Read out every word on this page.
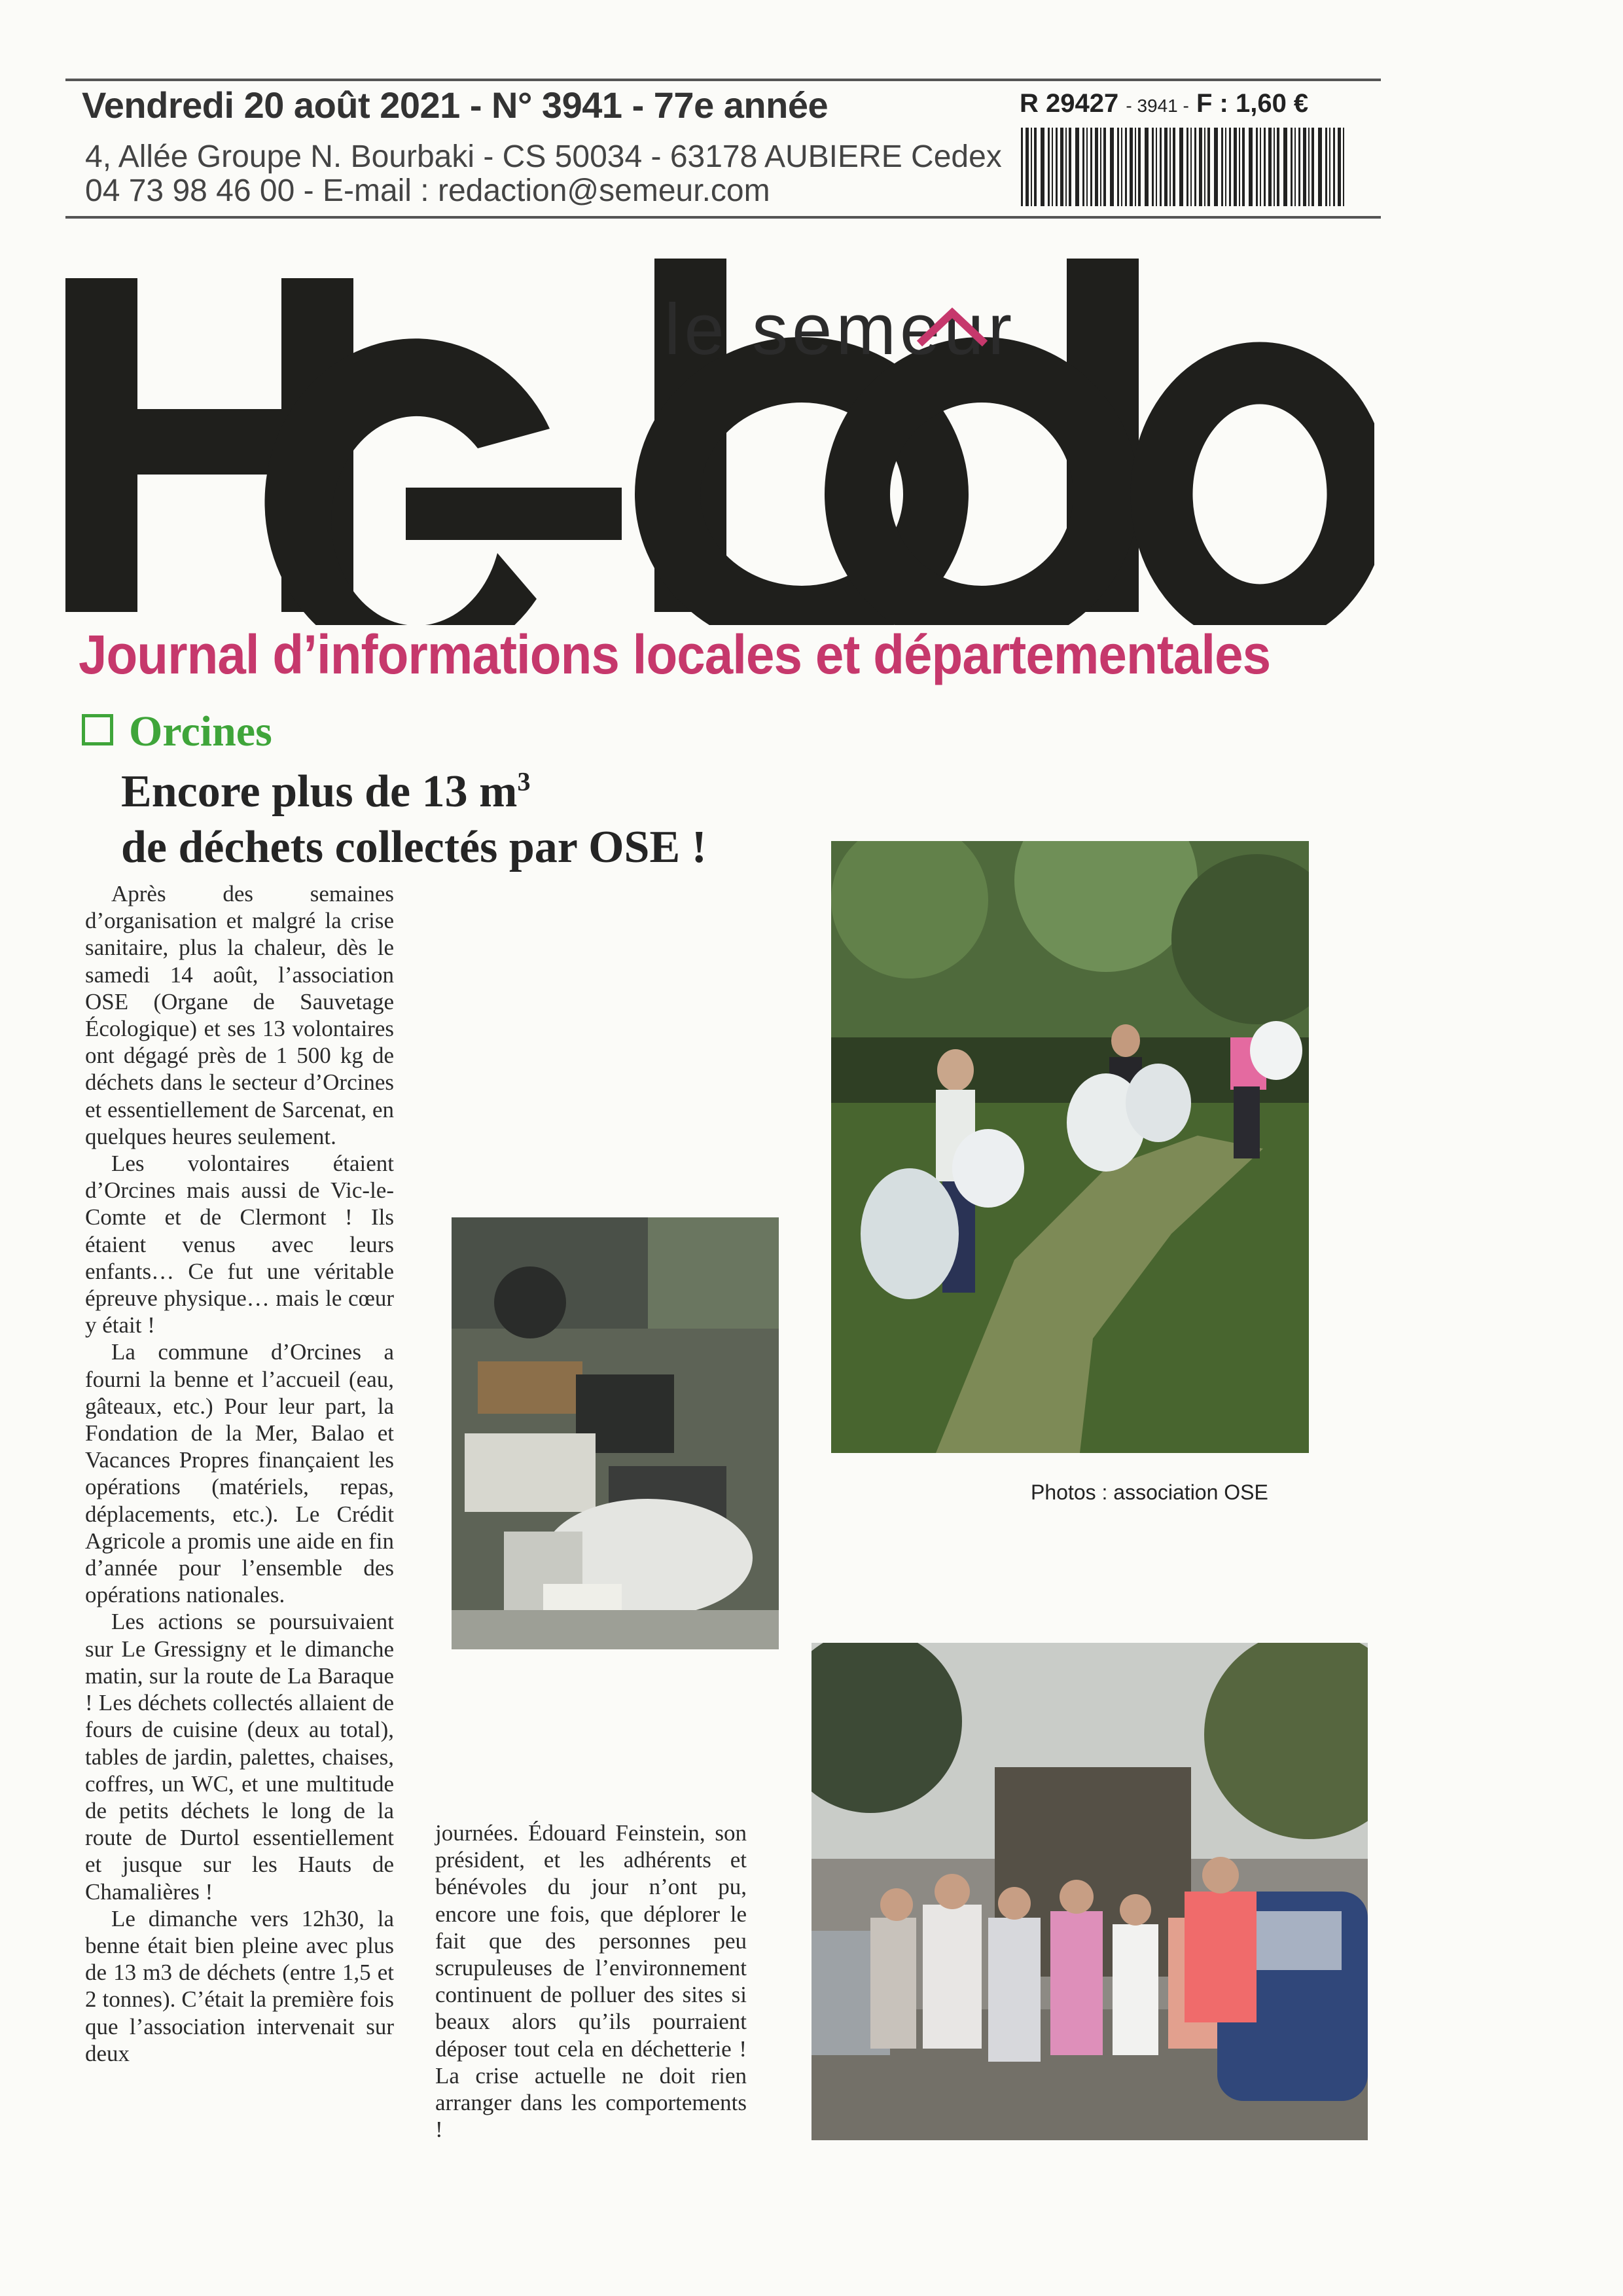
Vendredi 20 août 2021 - N° 3941 - 77e année
4, Allée Groupe N. Bourbaki - CS 50034 - 63178 AUBIERE Cedex
04 73 98 46 00 - E-mail : redaction@semeur.com
R 29427 - 3941 - F : 1,60 €
le semeur
Journal d’informations locales et départementales
Orcines
Encore plus de 13 $m^3$
de déchets collectés par OSE !

Après des semaines d’organisation et malgré la crise sanitaire, plus la chaleur, dès le samedi 14 août, l’association OSE (Organe de Sauvetage Écologique) et ses 13 volontaires ont dégagé près de 1 500 kg de déchets dans le secteur d’Orcines et essentiellement de Sarcenat, en quelques heures seulement.

Les volontaires étaient d’Orcines mais aussi de Vic-le-Comte et de Clermont ! Ils étaient venus avec leurs enfants… Ce fut une véritable épreuve physique… mais le cœur y était !

La commune d’Orcines a fourni la benne et l’accueil (eau, gâteaux, etc.) Pour leur part, la Fondation de la Mer, Balao et Vacances Propres finançaient les opérations (matériels, repas, déplacements, etc.). Le Crédit Agricole a promis une aide en fin d’année pour l’ensemble des opérations nationales.

Les actions se poursuivaient sur Le Gressigny et le dimanche matin, sur la route de La Baraque ! Les déchets collectés allaient de fours de cuisine (deux au total), tables de jardin, palettes, chaises, coffres, un WC, et une multitude de petits déchets le long de la route de Durtol essentiellement et jusque sur les Hauts de Chamalières !

Le dimanche vers 12h30, la benne était bien pleine avec plus de 13 m3 de déchets (entre 1,5 et 2 tonnes). C’était la première fois que l’association intervenait sur deux

journées. Édouard Feinstein, son président, et les adhérents et bénévoles du jour n’ont pu, encore une fois, que déplorer le fait que des personnes peu scrupuleuses de l’environnement continuent de polluer des sites si beaux alors qu’ils pourraient déposer tout cela en déchetterie ! La crise actuelle ne doit rien arranger dans les comportements !

Photos : association OSE
